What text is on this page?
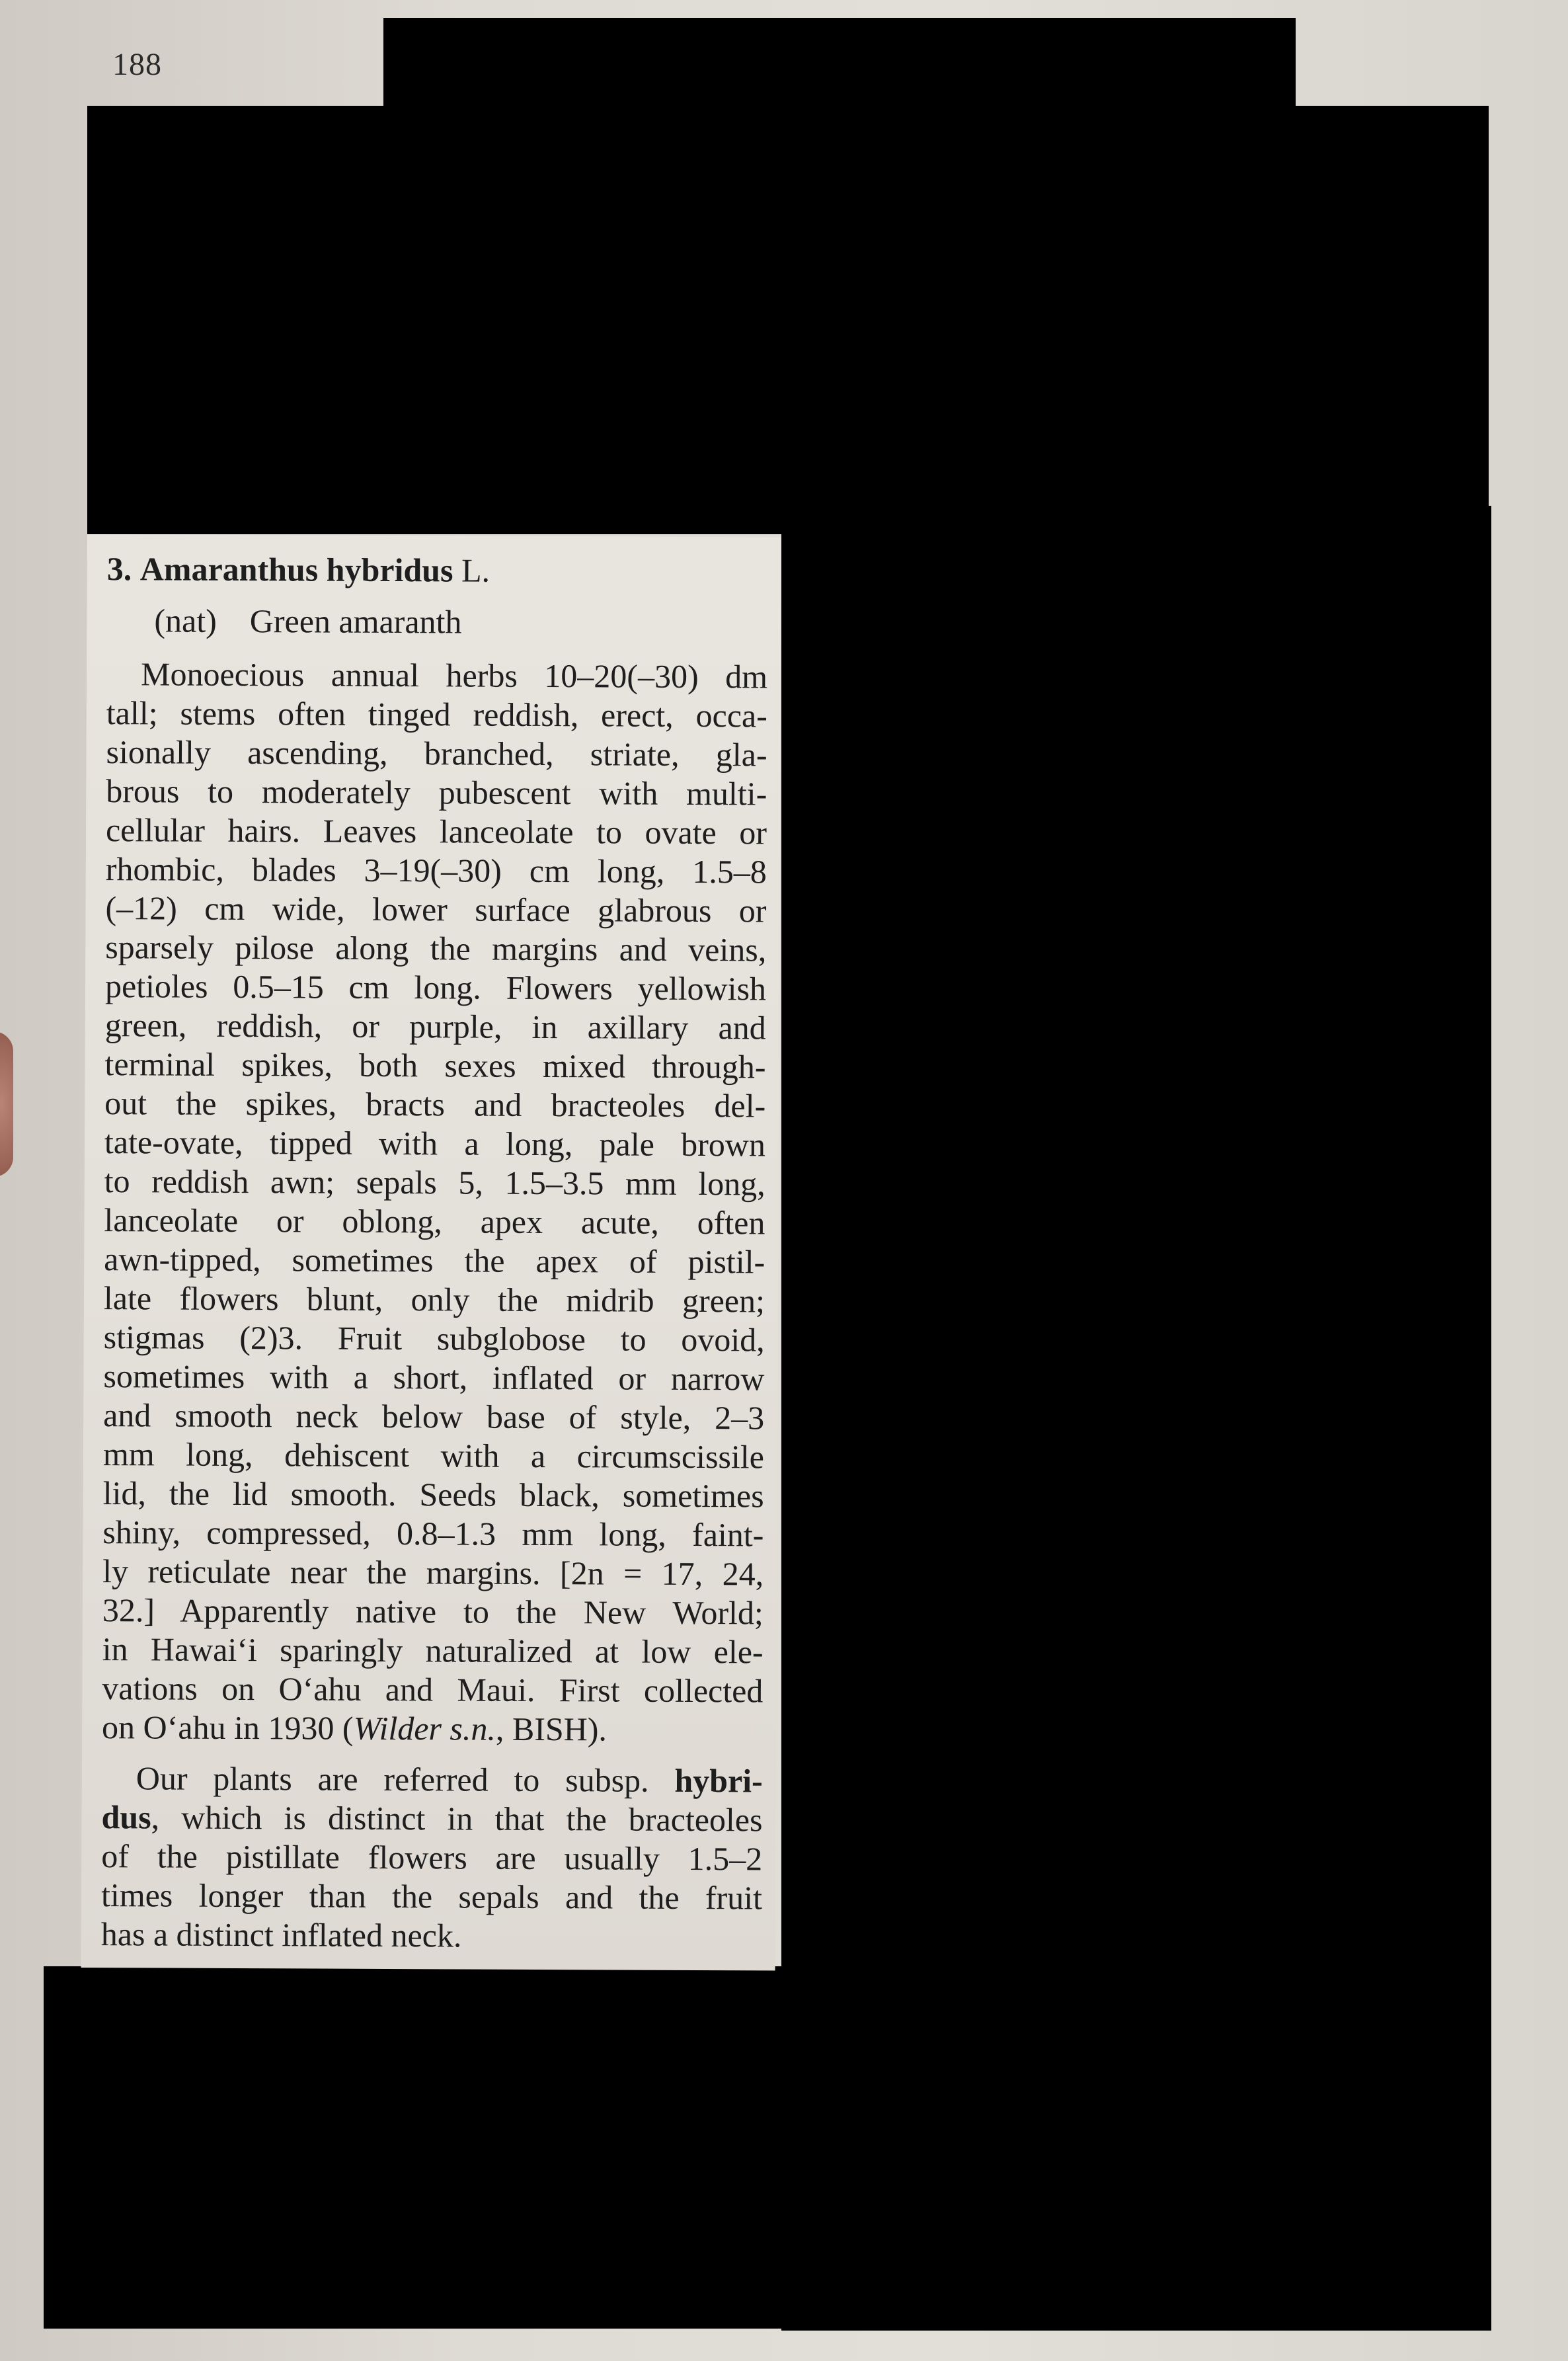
188

3. Amaranthus hybridus L.

(nat) Green amaranth

Monoecious annual herbs 10–20(–30) dm
tall; stems often tinged reddish, erect, occa-
sionally ascending, branched, striate, gla-
brous to moderately pubescent with multi-
cellular hairs. Leaves lanceolate to ovate or
rhombic, blades 3–19(–30) cm long, 1.5–8
(–12) cm wide, lower surface glabrous or
sparsely pilose along the margins and veins,
petioles 0.5–15 cm long. Flowers yellowish
green, reddish, or purple, in axillary and
terminal spikes, both sexes mixed through-
out the spikes, bracts and bracteoles del-
tate-ovate, tipped with a long, pale brown
to reddish awn; sepals 5, 1.5–3.5 mm long,
lanceolate or oblong, apex acute, often
awn-tipped, sometimes the apex of pistil-
late flowers blunt, only the midrib green;
stigmas (2)3. Fruit subglobose to ovoid,
sometimes with a short, inflated or narrow
and smooth neck below base of style, 2–3
mm long, dehiscent with a circumscissile
lid, the lid smooth. Seeds black, sometimes
shiny, compressed, 0.8–1.3 mm long, faint-
ly reticulate near the margins. [2n = 17, 24,
32.] Apparently native to the New World;
in Hawai‘i sparingly naturalized at low ele-
vations on O‘ahu and Maui. First collected
on O‘ahu in 1930 (Wilder s.n., BISH).
Our plants are referred to subsp. hybri-
dus, which is distinct in that the bracteoles
of the pistillate flowers are usually 1.5–2
times longer than the sepals and the fruit
has a distinct inflated neck.
